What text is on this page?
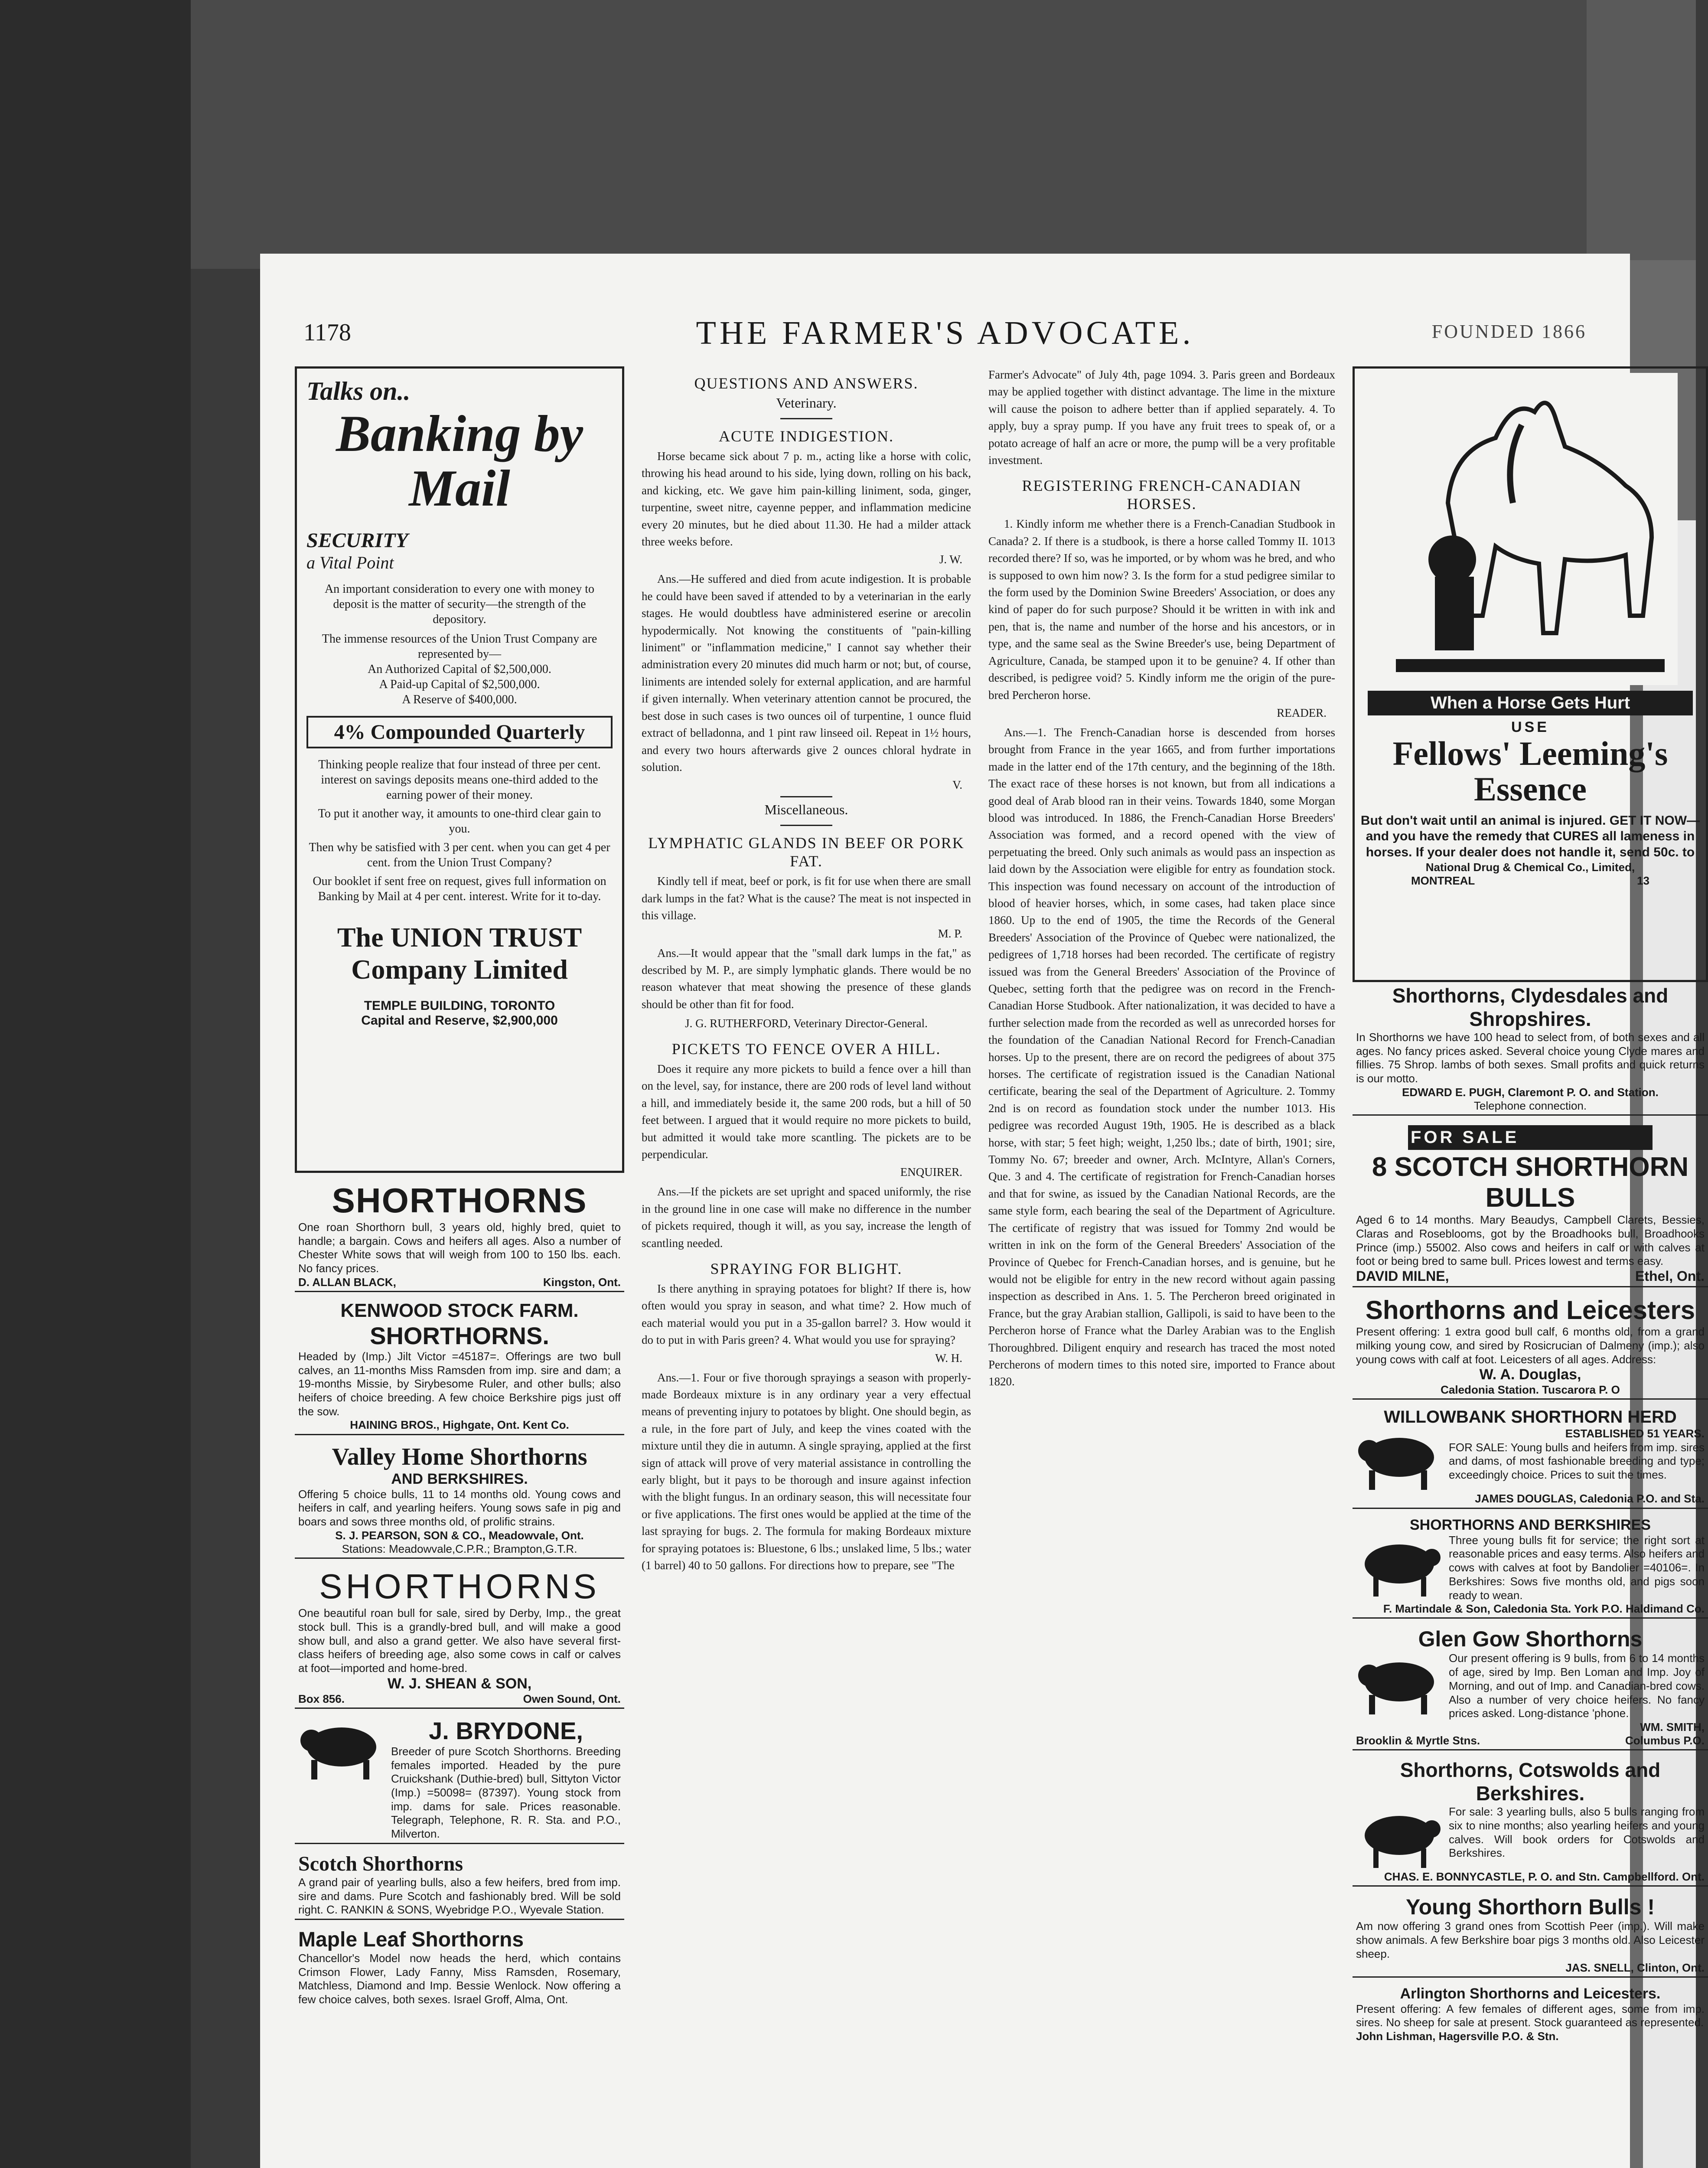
THE FARMER'S ADVOCATE.
1178	FOUNDED 1866
Talks on..
Banking by Mail
SECURITY
a Vital Point
An important consideration to every one with money to deposit is the matter of security—the strength of the depository.
The immense resources of the Union Trust Company are represented by—
An Authorized Capital of $2,500,000.
A Paid-up Capital of $2,500,000.
A Reserve of $400,000.
4% Compounded Quarterly
Thinking people realize that four instead of three per cent. interest on savings deposits means one-third added to the earning power of their money.
To put it another way, it amounts to one-third clear gain to you.
Then why be satisfied with 3 per cent. when you can get 4 per cent. from the Union Trust Company?
Our booklet if sent free on request, gives full information on Banking by Mail at 4 per cent. interest. Write for it to-day.
The UNION TRUST Company Limited
TEMPLE BUILDING, TORONTO
Capital and Reserve, $2,900,000
SHORTHORNS
One roan Shorthorn bull, 3 years old, highly bred, quiet to handle; a bargain. Cows and heifers all ages. Also a number of Chester White sows that will weigh from 100 to 150 lbs. each. No fancy prices.
D. ALLAN BLACK,	Kingston, Ont.
KENWOOD STOCK FARM.
SHORTHORNS.
Headed by (Imp.) Jilt Victor =45187=. Offerings are two bull calves, an 11-months Miss Ramsden from imp. sire and dam; a 19-months Missie, by Sirybesome Ruler, and other bulls; also heifers of choice breeding. A few choice Berkshire pigs just off the sow.
HAINING BROS., Highgate, Ont. Kent Co.
Valley Home Shorthorns
AND BERKSHIRES.
Offering 5 choice bulls, 11 to 14 months old. Young cows and heifers in calf, and yearling heifers. Young sows safe in pig and boars and sows three months old, of prolific strains.
S. J. PEARSON, SON & CO., Meadowvale, Ont.
Stations: Meadowvale,C.P.R.; Brampton,G.T.R.
SHORTHORNS
One beautiful roan bull for sale, sired by Derby, Imp., the great stock bull. This is a grandly-bred bull, and will make a good show bull, and also a grand getter. We also have several first-class heifers of breeding age, also some cows in calf or calves at foot—imported and home-bred.
W. J. SHEAN & SON,
Box 856.	Owen Sound, Ont.
J. BRYDONE,
Breeder of pure Scotch Shorthorns. Breeding females imported. Headed by the pure Cruickshank (Duthie-bred) bull, Sittyton Victor (Imp.) =50098= (87397). Young stock from imp. dams for sale. Prices reasonable. Telegraph, Telephone, R. R. Sta. and P.O., Milverton.
Scotch Shorthorns
A grand pair of yearling bulls, also a few heifers, bred from imp. sire and dams. Pure Scotch and fashionably bred. Will be sold right. C. RANKIN & SONS, Wyebridge P.O., Wyevale Station.
Maple Leaf Shorthorns
Chancellor's Model now heads the herd, which contains Crimson Flower, Lady Fanny, Miss Ramsden, Rosemary, Matchless, Diamond and Imp. Bessie Wenlock. Now offering a few choice calves, both sexes. Israel Groff, Alma, Ont.
QUESTIONS AND ANSWERS.
Veterinary.
ACUTE INDIGESTION.

Horse became sick about 7 p. m., acting like a horse with colic, throwing his head around to his side, lying down, rolling on his back, and kicking, etc. We gave him pain-killing liniment, soda, ginger, turpentine, sweet nitre, cayenne pepper, and inflammation medicine every 20 minutes, but he died about 11.30. He had a milder attack three weeks before.

J. W.

Ans.—He suffered and died from acute indigestion. It is probable he could have been saved if attended to by a veterinarian in the early stages. He would doubtless have administered eserine or arecolin hypodermically. Not knowing the constituents of "pain-killing liniment" or "inflammation medicine," I cannot say whether their administration every 20 minutes did much harm or not; but, of course, liniments are intended solely for external application, and are harmful if given internally. When veterinary attention cannot be procured, the best dose in such cases is two ounces oil of turpentine, 1 ounce fluid extract of belladonna, and 1 pint raw linseed oil. Repeat in 1½ hours, and every two hours afterwards give 2 ounces chloral hydrate in solution.

V.
Miscellaneous.
LYMPHATIC GLANDS IN BEEF OR PORK FAT.

Kindly tell if meat, beef or pork, is fit for use when there are small dark lumps in the fat? What is the cause? The meat is not inspected in this village.

M. P.

Ans.—It would appear that the "small dark lumps in the fat," as described by M. P., are simply lymphatic glands. There would be no reason whatever that meat showing the presence of these glands should be other than fit for food.

J. G. RUTHERFORD, Veterinary Director-General.
PICKETS TO FENCE OVER A HILL.

Does it require any more pickets to build a fence over a hill than on the level, say, for instance, there are 200 rods of level land without a hill, and immediately beside it, the same 200 rods, but a hill of 50 feet between. I argued that it would require no more pickets to build, but admitted it would take more scantling. The pickets are to be perpendicular.

ENQUIRER.

Ans.—If the pickets are set upright and spaced uniformly, the rise in the ground line in one case will make no difference in the number of pickets required, though it will, as you say, increase the length of scantling needed.

SPRAYING FOR BLIGHT.

Is there anything in spraying potatoes for blight? If there is, how often would you spray in season, and what time? 2. How much of each material would you put in a 35-gallon barrel? 3. How would it do to put in with Paris green? 4. What would you use for spraying?

W. H.

Ans.—1. Four or five thorough sprayings a season with properly-made Bordeaux mixture is in any ordinary year a very effectual means of preventing injury to potatoes by blight. One should begin, as a rule, in the fore part of July, and keep the vines coated with the mixture until they die in autumn. A single spraying, applied at the first sign of attack will prove of very material assistance in controlling the early blight, but it pays to be thorough and insure against infection with the blight fungus. In an ordinary season, this will necessitate four or five applications. The first ones would be applied at the time of the last spraying for bugs. 2. The formula for making Bordeaux mixture for spraying potatoes is: Bluestone, 6 lbs.; unslaked lime, 5 lbs.; water (1 barrel) 40 to 50 gallons. For directions how to prepare, see "The

Farmer's Advocate" of July 4th, page 1094. 3. Paris green and Bordeaux may be applied together with distinct advantage. The lime in the mixture will cause the poison to adhere better than if applied separately. 4. To apply, buy a spray pump. If you have any fruit trees to speak of, or a potato acreage of half an acre or more, the pump will be a very profitable investment.

REGISTERING FRENCH-CANADIAN HORSES.

1. Kindly inform me whether there is a French-Canadian Studbook in Canada? 2. If there is a studbook, is there a horse called Tommy II. 1013 recorded there? If so, was he imported, or by whom was he bred, and who is supposed to own him now? 3. Is the form for a stud pedigree similar to the form used by the Dominion Swine Breeders' Association, or does any kind of paper do for such purpose? Should it be written in with ink and pen, that is, the name and number of the horse and his ancestors, or in type, and the same seal as the Swine Breeder's use, being Department of Agriculture, Canada, be stamped upon it to be genuine? 4. If other than described, is pedigree void? 5. Kindly inform me the origin of the pure-bred Percheron horse.

READER.

Ans.—1. The French-Canadian horse is descended from horses brought from France in the year 1665, and from further importations made in the latter end of the 17th century, and the beginning of the 18th. The exact race of these horses is not known, but from all indications a good deal of Arab blood ran in their veins. Towards 1840, some Morgan blood was introduced. In 1886, the French-Canadian Horse Breeders' Association was formed, and a record opened with the view of perpetuating the breed. Only such animals as would pass an inspection as laid down by the Association were eligible for entry as foundation stock. This inspection was found necessary on account of the introduction of blood of heavier horses, which, in some cases, had taken place since 1860. Up to the end of 1905, the time the Records of the General Breeders' Association of the Province of Quebec were nationalized, the pedigrees of 1,718 horses had been recorded. The certificate of registry issued was from the General Breeders' Association of the Province of Quebec, setting forth that the pedigree was on record in the French-Canadian Horse Studbook. After nationalization, it was decided to have a further selection made from the recorded as well as unrecorded horses for the foundation of the Canadian National Record for French-Canadian horses. Up to the present, there are on record the pedigrees of about 375 horses. The certificate of registration issued is the Canadian National certificate, bearing the seal of the Department of Agriculture. 2. Tommy 2nd is on record as foundation stock under the number 1013. His pedigree was recorded August 19th, 1905. He is described as a black horse, with star; 5 feet high; weight, 1,250 lbs.; date of birth, 1901; sire, Tommy No. 67; breeder and owner, Arch. McIntyre, Allan's Corners, Que. 3 and 4. The certificate of registration for French-Canadian horses and that for swine, as issued by the Canadian National Records, are the same style form, each bearing the seal of the Department of Agriculture. The certificate of registry that was issued for Tommy 2nd would be written in ink on the form of the General Breeders' Association of the Province of Quebec for French-Canadian horses, and is genuine, but he would not be eligible for entry in the new record without again passing inspection as described in Ans. 1. 5. The Percheron breed originated in France, but the gray Arabian stallion, Gallipoli, is said to have been to the Percheron horse of France what the Darley Arabian was to the English Thoroughbred. Diligent enquiry and research has traced the most noted Percherons of modern times to this noted sire, imported to France about 1820.

When a Horse Gets Hurt
USE
Fellows' Leeming's Essence
But don't wait until an animal is injured. GET IT NOW—and you have the remedy that CURES all lameness in horses. If your dealer does not handle it, send 50c. to
National Drug & Chemical Co., Limited,
MONTREAL	13
Shorthorns, Clydesdales and Shropshires.
In Shorthorns we have 100 head to select from, of both sexes and all ages. No fancy prices asked. Several choice young Clyde mares and fillies. 75 Shrop. lambs of both sexes. Small profits and quick returns is our motto.
EDWARD E. PUGH, Claremont P. O. and Station.
Telephone connection.
FOR SALE
8 SCOTCH SHORTHORN BULLS
Aged 6 to 14 months. Mary Beaudys, Campbell Clarets, Bessies, Claras and Roseblooms, got by the Broadhooks bull, Broadhooks Prince (imp.) 55002. Also cows and heifers in calf or with calves at foot or being bred to same bull. Prices lowest and terms easy.
DAVID MILNE,	Ethel, Ont.
Shorthorns and Leicesters
Present offering: 1 extra good bull calf, 6 months old, from a grand milking young cow, and sired by Rosicrucian of Dalmeny (imp.); also young cows with calf at foot. Leicesters of all ages. Address:
W. A. Douglas,
Caledonia Station. Tuscarora P. O
WILLOWBANK SHORTHORN HERD
ESTABLISHED 51 YEARS.
FOR SALE: Young bulls and heifers from imp. sires and dams, of most fashionable breeding and type; exceedingly choice. Prices to suit the times.
JAMES DOUGLAS, Caledonia P.O. and Sta.
SHORTHORNS AND BERKSHIRES
Three young bulls fit for service; the right sort at reasonable prices and easy terms. Also heifers and cows with calves at foot by Bandolier =40106=. In Berkshires: Sows five months old, and pigs soon ready to wean.
F. Martindale & Son, Caledonia Sta. York P.O. Haldimand Co.
Glen Gow Shorthorns
Our present offering is 9 bulls, from 6 to 14 months of age, sired by Imp. Ben Loman and Imp. Joy of Morning, and out of Imp. and Canadian-bred cows. Also a number of very choice heifers. No fancy prices asked. Long-distance 'phone.
WM. SMITH,
Brooklin & Myrtle Stns.	Columbus P.O.
Shorthorns, Cotswolds and Berkshires.
For sale: 3 yearling bulls, also 5 bulls ranging from six to nine months; also yearling heifers and young calves. Will book orders for Cotswolds and Berkshires.
CHAS. E. BONNYCASTLE, P. O. and Stn. Campbellford. Ont.
Young Shorthorn Bulls !
Am now offering 3 grand ones from Scottish Peer (imp.). Will make show animals. A few Berkshire boar pigs 3 months old. Also Leicester sheep.
JAS. SNELL, Clinton, Ont.
Arlington Shorthorns and Leicesters.
Present offering: A few females of different ages, some from imp. sires. No sheep for sale at present. Stock guaranteed as represented.
John Lishman, Hagersville P.O. & Stn.
